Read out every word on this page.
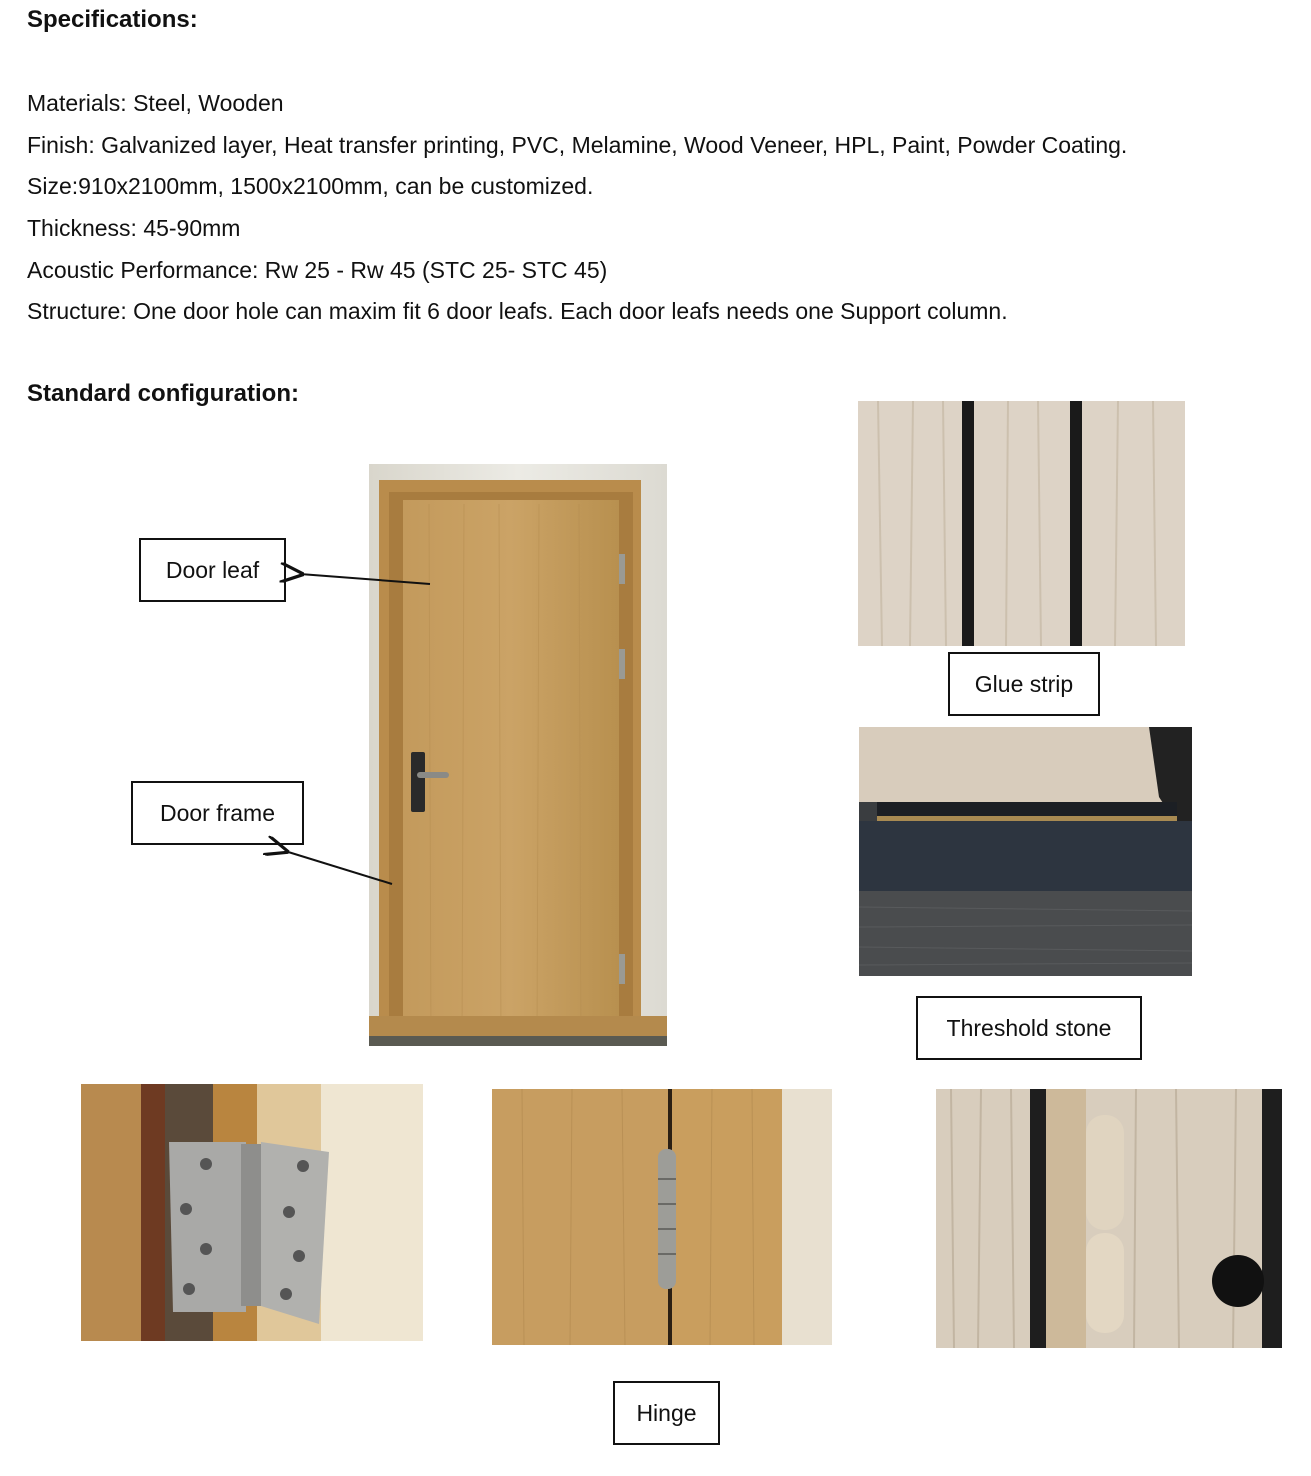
Specifications:
Materials: Steel, Wooden
Finish: Galvanized layer, Heat transfer printing, PVC, Melamine, Wood Veneer, HPL, Paint, Powder Coating.
Size:910x2100mm, 1500x2100mm, can be customized.
Thickness: 45-90mm
Acoustic Performance: Rw 25 - Rw 45 (STC 25- STC 45)
Structure: One door hole can maxim fit 6 door leafs. Each door leafs needs one Support column.
Standard configuration:
Door leaf
Door frame
Glue strip
Threshold stone
Hinge
